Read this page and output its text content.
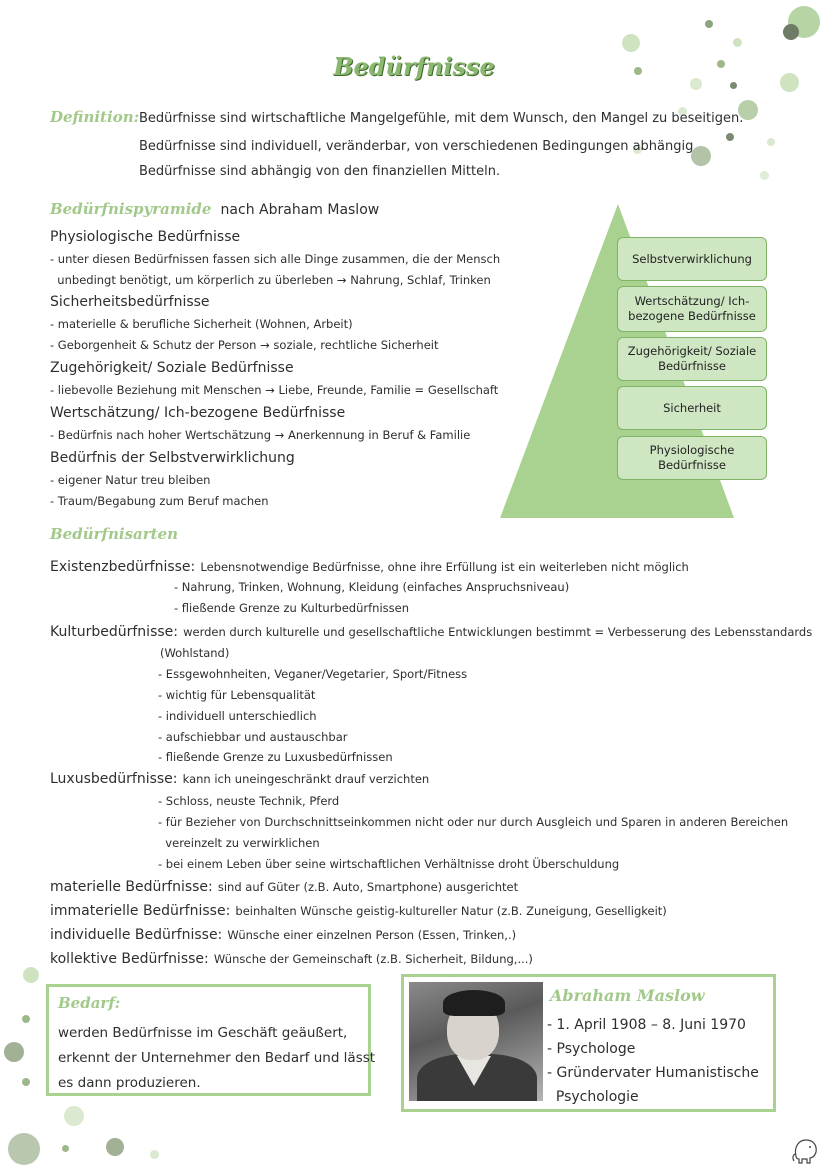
Bedürfnisse
Definition: Bedürfnisse sind wirtschaftliche Mangelgefühle, mit dem Wunsch, den Mangel zu beseitigen.
Bedürfnisse sind individuell, veränderbar, von verschiedenen Bedingungen abhängig
Bedürfnisse sind abhängig von den finanziellen Mitteln.
Bedürfnispyramide nach Abraham Maslow
Physiologische Bedürfnisse
- unter diesen Bedürfnissen fassen sich alle Dinge zusammen, die der Mensch
unbedingt benötigt, um körperlich zu überleben → Nahrung, Schlaf, Trinken
Sicherheitsbedürfnisse
- materielle & berufliche Sicherheit (Wohnen, Arbeit)
- Geborgenheit & Schutz der Person → soziale, rechtliche Sicherheit
Zugehörigkeit/ Soziale Bedürfnisse
- liebevolle Beziehung mit Menschen → Liebe, Freunde, Familie = Gesellschaft
Wertschätzung/ Ich-bezogene Bedürfnisse
- Bedürfnis nach hoher Wertschätzung → Anerkennung in Beruf & Familie
Bedürfnis der Selbstverwirklichung
- eigener Natur treu bleiben
- Traum/Begabung zum Beruf machen
Selbstverwirklichung
Wertschätzung/ Ich-bezogene Bedürfnisse
Zugehörigkeit/ Soziale Bedürfnisse
Sicherheit
Physiologische Bedürfnisse
Bedürfnisarten
Existenzbedürfnisse: Lebensnotwendige Bedürfnisse, ohne ihre Erfüllung ist ein weiterleben nicht möglich
- Nahrung, Trinken, Wohnung, Kleidung (einfaches Anspruchsniveau)
- fließende Grenze zu Kulturbedürfnissen
Kulturbedürfnisse: werden durch kulturelle und gesellschaftliche Entwicklungen bestimmt = Verbesserung des Lebensstandards
(Wohlstand)
- Essgewohnheiten, Veganer/Vegetarier, Sport/Fitness
- wichtig für Lebensqualität
- individuell unterschiedlich
- aufschiebbar und austauschbar
- fließende Grenze zu Luxusbedürfnissen
Luxusbedürfnisse: kann ich uneingeschränkt drauf verzichten
- Schloss, neuste Technik, Pferd
- für Bezieher von Durchschnittseinkommen nicht oder nur durch Ausgleich und Sparen in anderen Bereichen
vereinzelt zu verwirklichen
- bei einem Leben über seine wirtschaftlichen Verhältnisse droht Überschuldung
materielle Bedürfnisse: sind auf Güter (z.B. Auto, Smartphone) ausgerichtet
immaterielle Bedürfnisse: beinhalten Wünsche geistig-kultureller Natur (z.B. Zuneigung, Geselligkeit)
individuelle Bedürfnisse: Wünsche einer einzelnen Person (Essen, Trinken,.)
kollektive Bedürfnisse: Wünsche der Gemeinschaft (z.B. Sicherheit, Bildung,...)
Bedarf:
werden Bedürfnisse im Geschäft geäußert,
erkennt der Unternehmer den Bedarf und lässt
es dann produzieren.
Abraham Maslow
- 1. April 1908 – 8. Juni 1970
- Psychologe
- Gründervater Humanistische
Psychologie
